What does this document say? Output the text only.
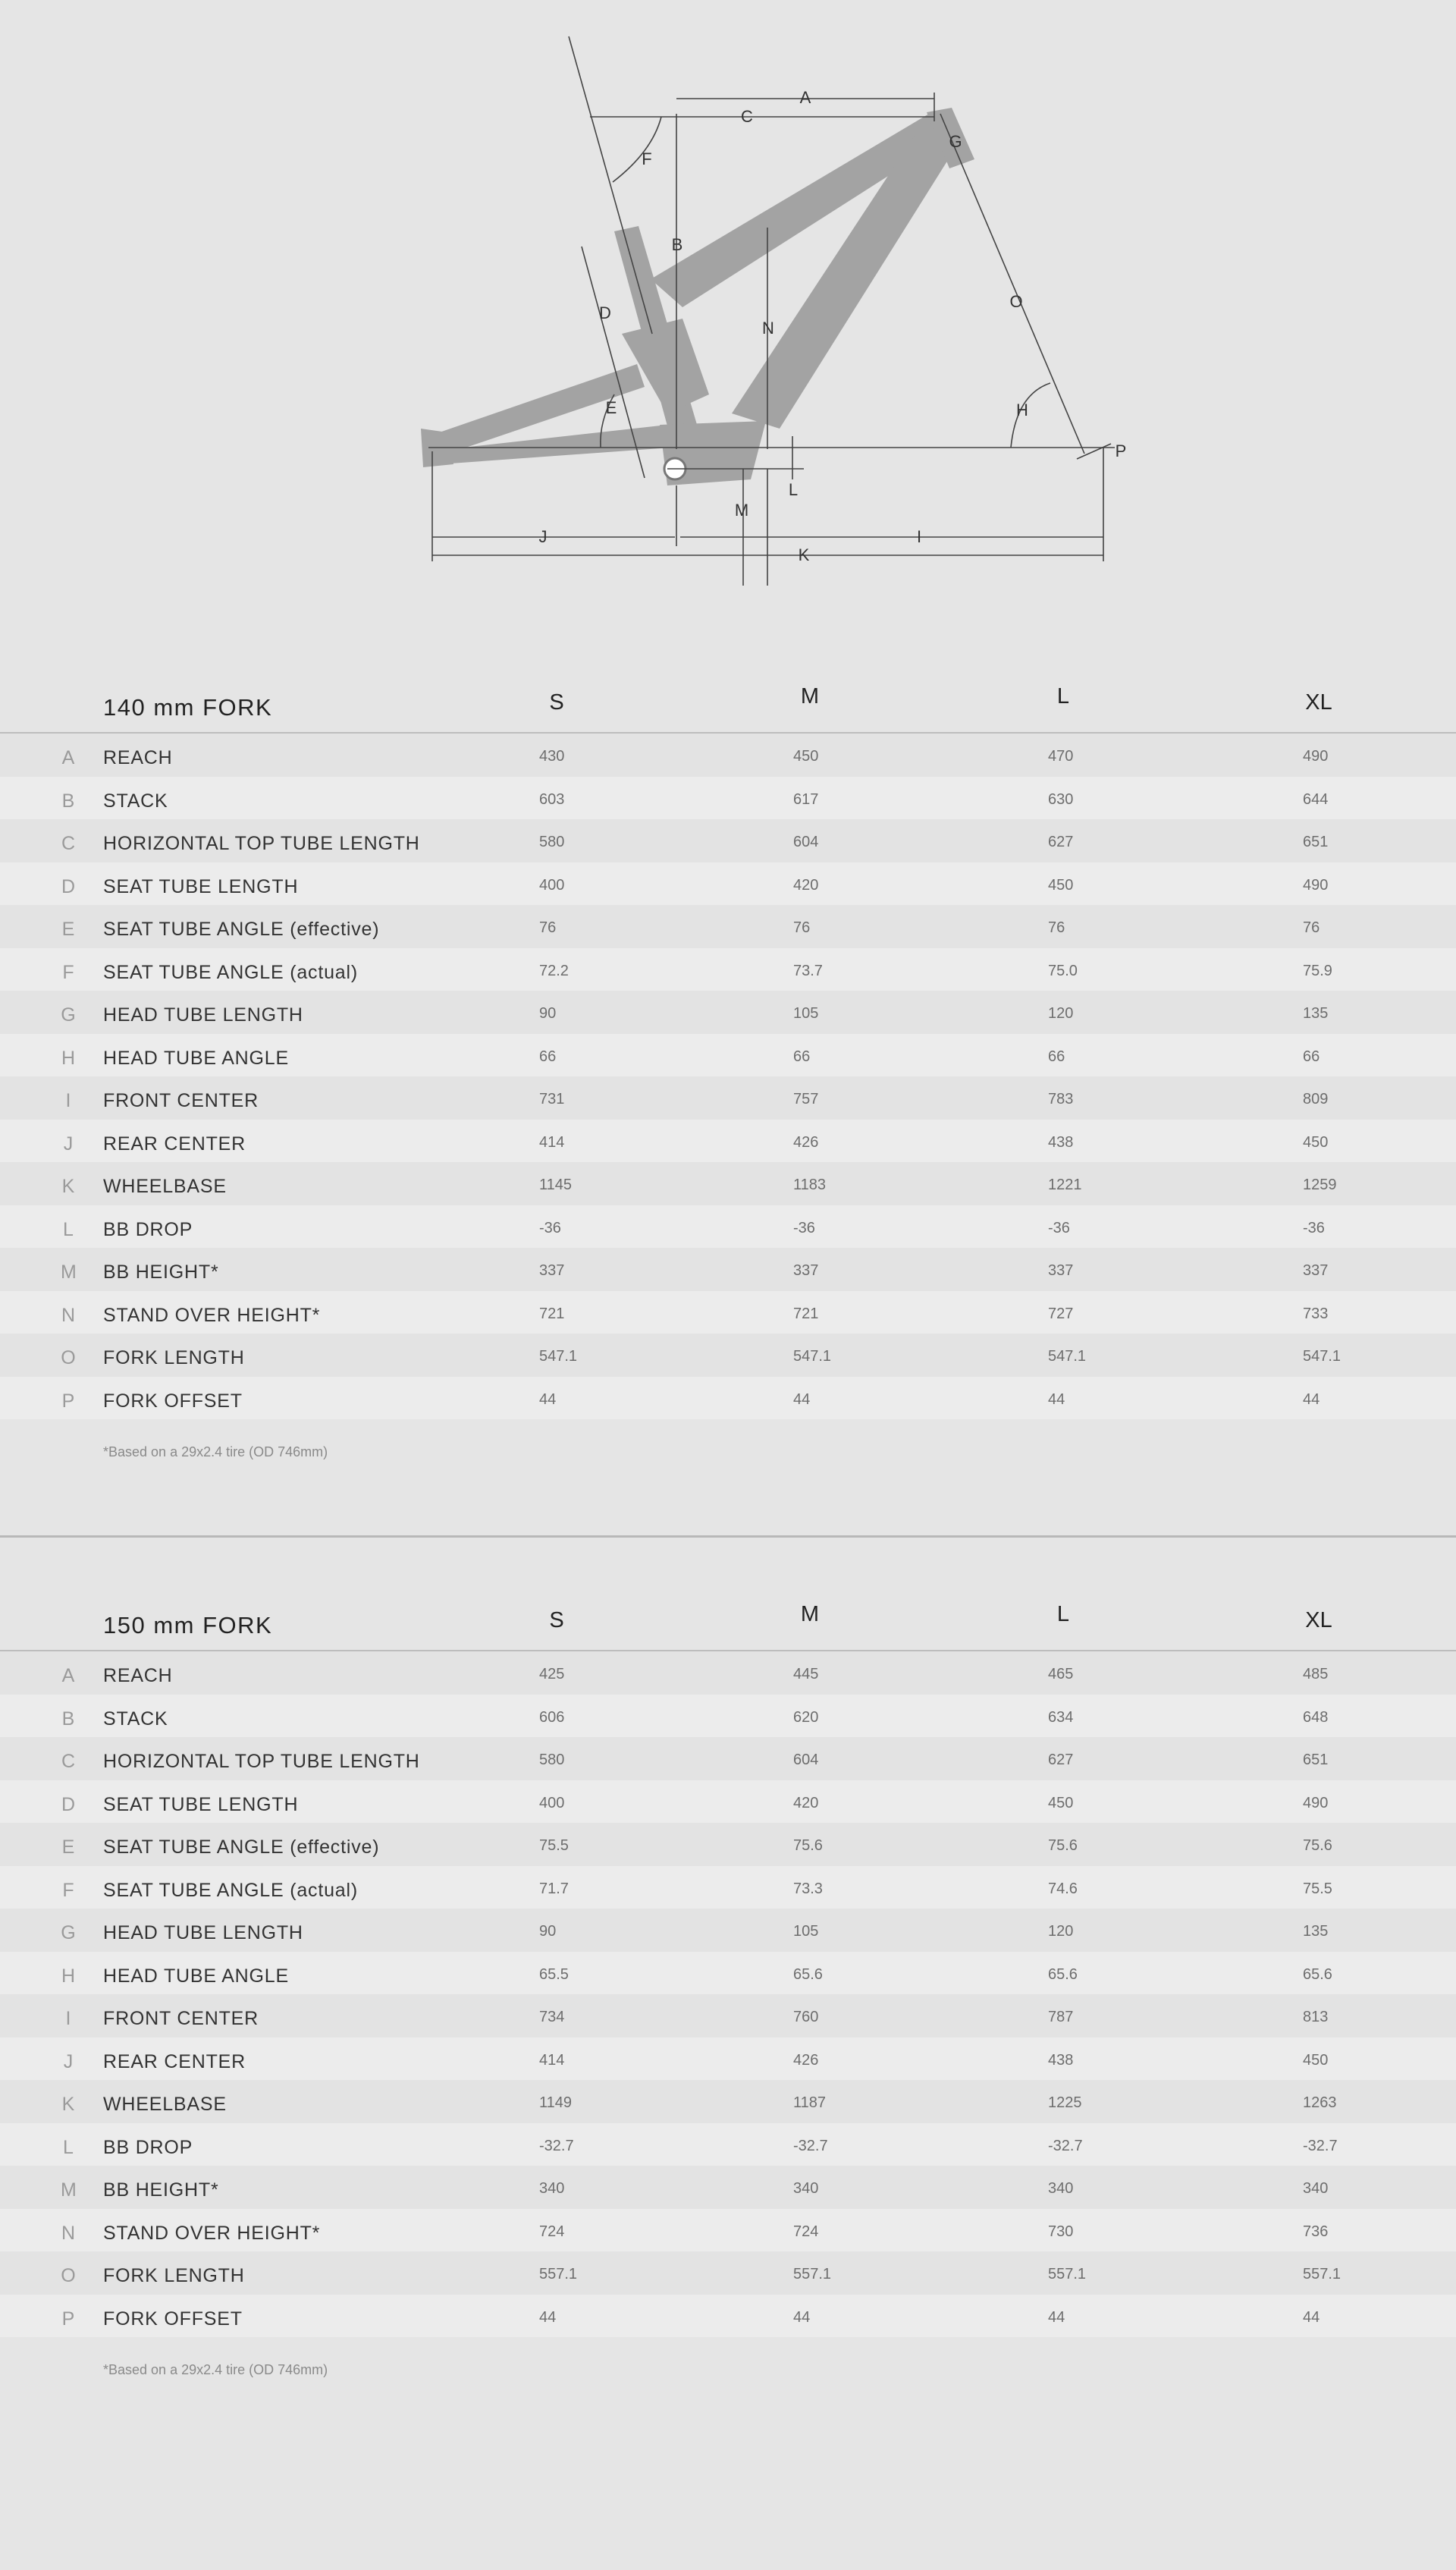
A
B
C
D
E
F
G
H
I
J
K
L
M
N
O
P
140 mm FORK	S	M	L	XL
A REACH	430	450	470	490
B STACK	603	617	630	644
C HORIZONTAL TOP TUBE LENGTH	580	604	627	651
D SEAT TUBE LENGTH	400	420	450	490
E SEAT TUBE ANGLE (effective)	76	76	76	76
F SEAT TUBE ANGLE (actual)	72.2	73.7	75.0	75.9
G HEAD TUBE LENGTH	90	105	120	135
H HEAD TUBE ANGLE	66	66	66	66
I FRONT CENTER	731	757	783	809
J REAR CENTER	414	426	438	450
K WHEELBASE	1145	1183	1221	1259
L BB DROP	-36	-36	-36	-36
M BB HEIGHT*	337	337	337	337
N STAND OVER HEIGHT*	721	721	727	733
O FORK LENGTH	547.1	547.1	547.1	547.1
P FORK OFFSET	44	44	44	44
*Based on a 29x2.4 tire (OD 746mm)
150 mm FORK	S	M	L	XL
A REACH	425	445	465	485
B STACK	606	620	634	648
C HORIZONTAL TOP TUBE LENGTH	580	604	627	651
D SEAT TUBE LENGTH	400	420	450	490
E SEAT TUBE ANGLE (effective)	75.5	75.6	75.6	75.6
F SEAT TUBE ANGLE (actual)	71.7	73.3	74.6	75.5
G HEAD TUBE LENGTH	90	105	120	135
H HEAD TUBE ANGLE	65.5	65.6	65.6	65.6
I FRONT CENTER	734	760	787	813
J REAR CENTER	414	426	438	450
K WHEELBASE	1149	1187	1225	1263
L BB DROP	-32.7	-32.7	-32.7	-32.7
M BB HEIGHT*	340	340	340	340
N STAND OVER HEIGHT*	724	724	730	736
O FORK LENGTH	557.1	557.1	557.1	557.1
P FORK OFFSET	44	44	44	44
*Based on a 29x2.4 tire (OD 746mm)
